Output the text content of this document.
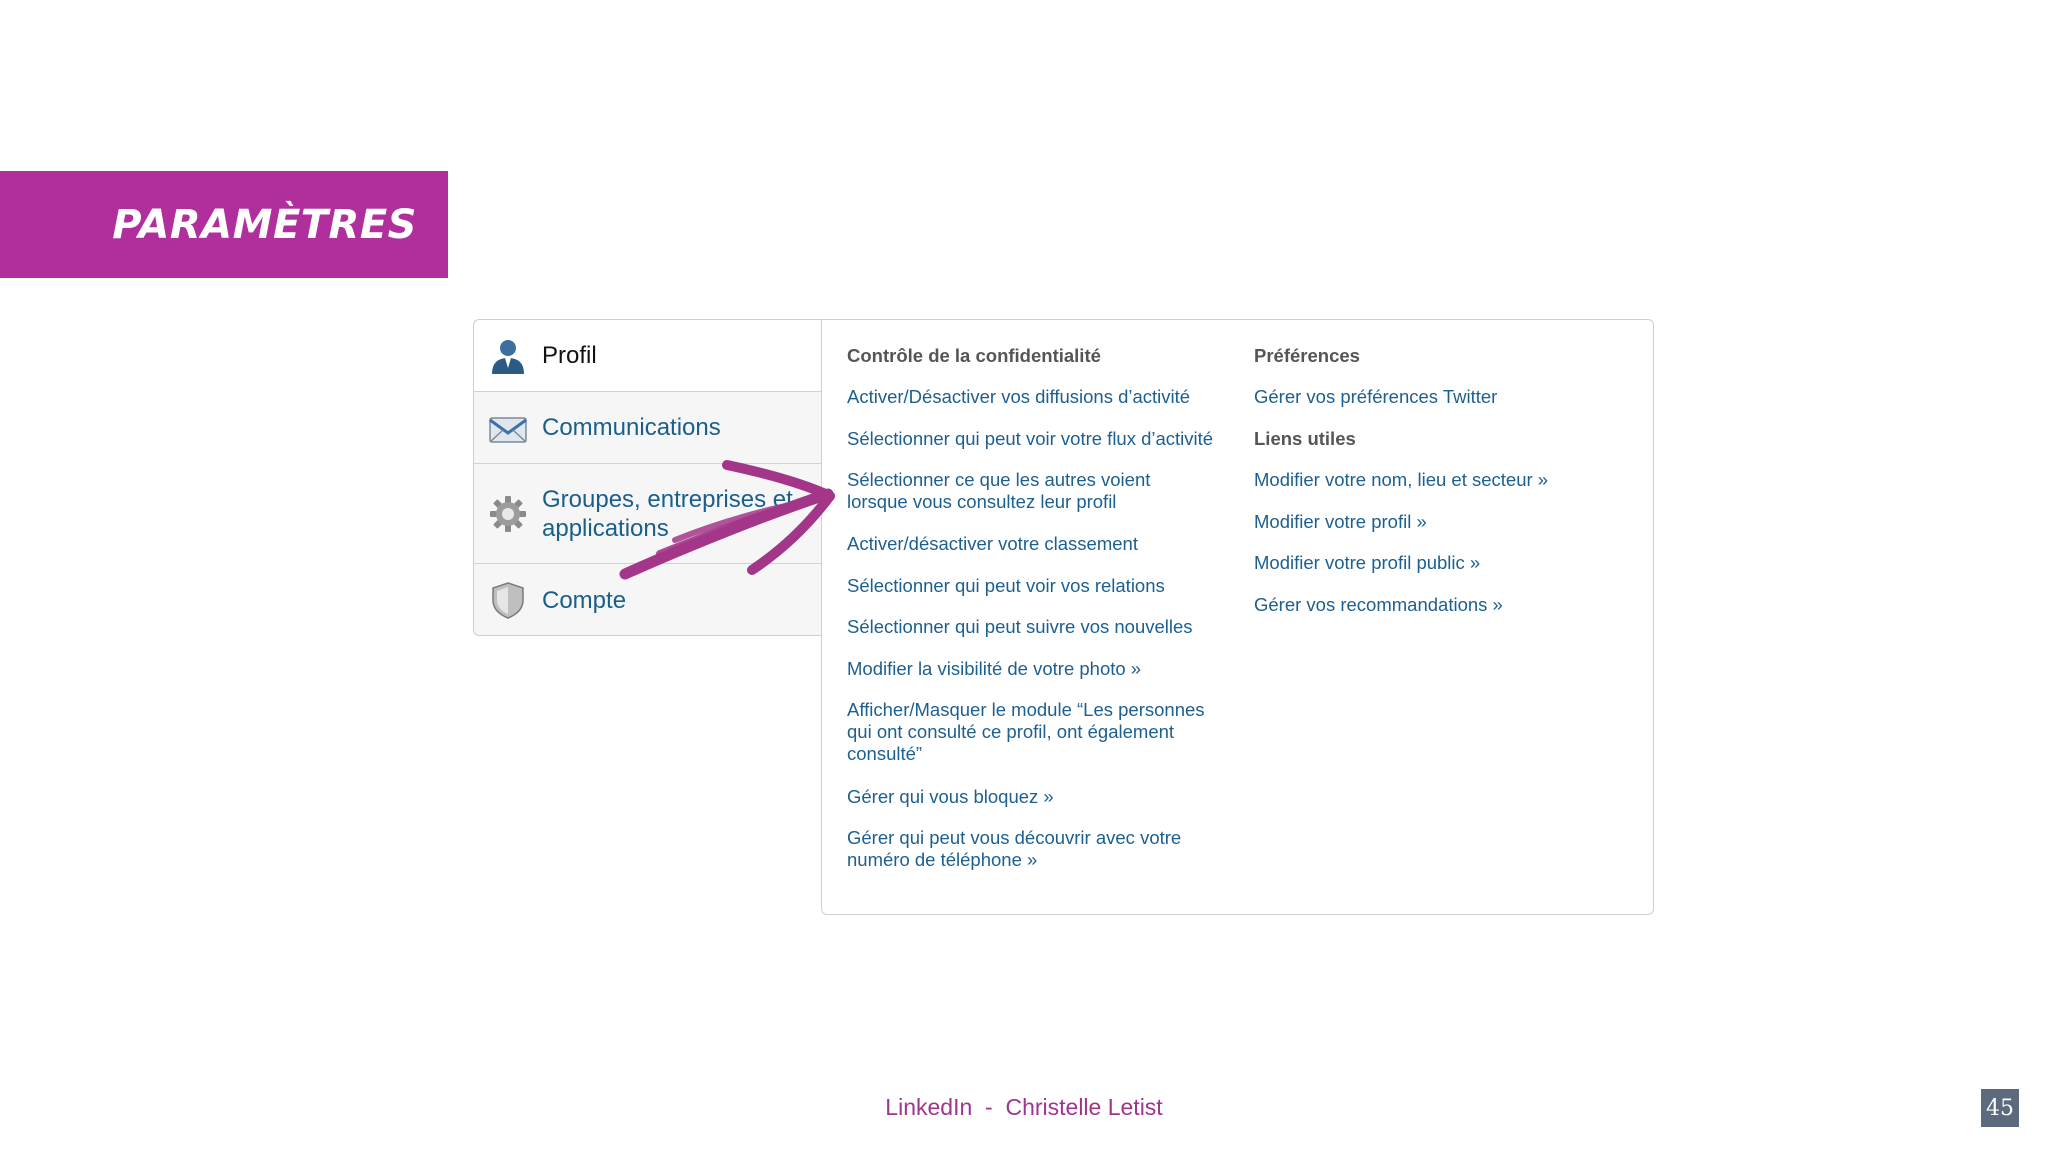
PARAMÈTRES
Profil
Communications
Groupes, entreprises et applications
Compte
Contrôle de la confidentialité
Activer/Désactiver vos diffusions d’activité
Sélectionner qui peut voir votre flux d’activité
Sélectionner ce que les autres voient lorsque vous consultez leur profil
Activer/désactiver votre classement
Sélectionner qui peut voir vos relations
Sélectionner qui peut suivre vos nouvelles
Modifier la visibilité de votre photo »
Afficher/Masquer le module “Les personnes qui ont consulté ce profil, ont également consulté”
Gérer qui vous bloquez »
Gérer qui peut vous découvrir avec votre numéro de téléphone »
Préférences
Gérer vos préférences Twitter
Liens utiles
Modifier votre nom, lieu et secteur »
Modifier votre profil »
Modifier votre profil public »
Gérer vos recommandations »
LinkedIn  -  Christelle Letist	45
